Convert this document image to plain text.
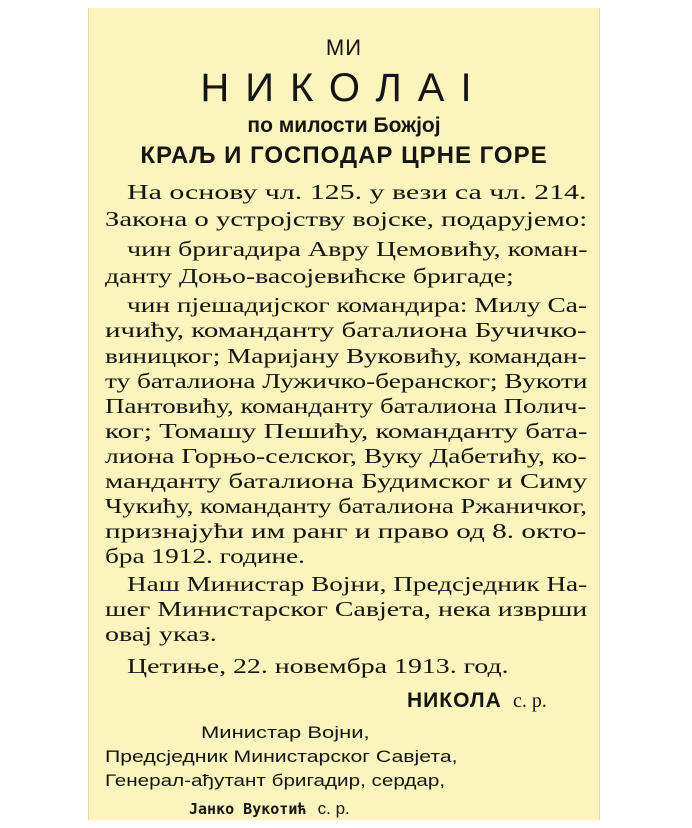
МИ
НИКОЛАІ
по милости Божјој
КРАЉ И ГОСПОДАР ЦРНЕ ГОРЕ
На основу чл. 125. у вези са чл. 214.
Закона о устројству војске, подарујемо:
чин бригадира Авру Цемовићу, коман-
данту Доњо-васојевићске бригаде;
чин пјешадијског командира: Милу Са-
ичићу, команданту баталиона Бучичко-
виницког; Маријану Вуковићу, командан-
ту баталиона Лужичко-беранског; Вукоти
Пантовићу, команданту баталиона Полич-
ког; Томашу Пешићу, команданту бата-
лиона Горњо-селског, Вуку Дабетићу, ко-
манданту баталиона Будимског и Симу
Чукићу, команданту баталиона Ржаничког,
признајући им ранг и право од 8. окто-
бра 1912. године.
Наш Министар Војни, Предсједник На-
шег Министарског Савјета, нека изврши
овај указ.
Цетиње, 22. новембра 1913. год.
НИКОЛА с. р.
Министар Војни,
Предсједник Министарског Савјета,
Генерал-ађутант бригадир, сердар,
Јанко Вукотић с. р.
